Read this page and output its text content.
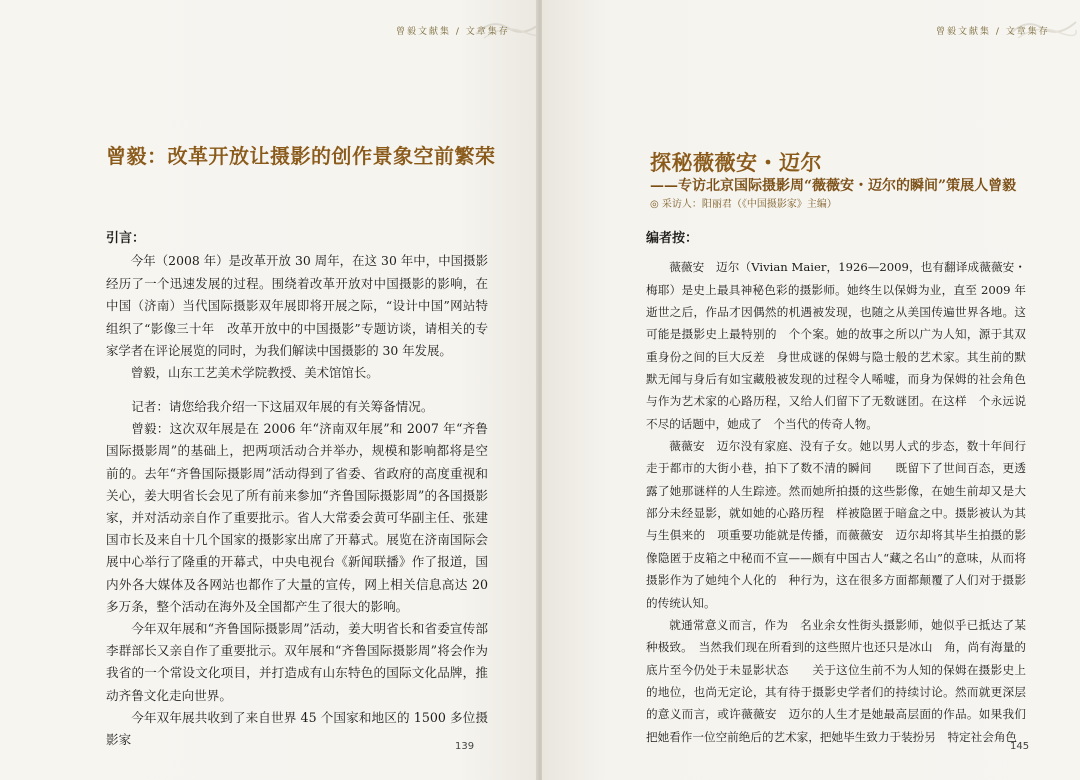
曾毅文献集 / 文章集存
曾毅：改革开放让摄影的创作景象空前繁荣

引言：

今年（2008 年）是改革开放 30 周年，在这 30 年中，中国摄影经历了一个迅速发展的过程。围绕着改革开放对中国摄影的影响，在中国（济南）当代国际摄影双年展即将开展之际，“设计中国”网站特组织了“影像三十年　改革开放中的中国摄影”专题访谈，请相关的专家学者在评论展览的同时，为我们解读中国摄影的 30 年发展。

曾毅，山东工艺美术学院教授、美术馆馆长。

记者：请您给我介绍一下这届双年展的有关筹备情况。

曾毅：这次双年展是在 2006 年“济南双年展”和 2007 年“齐鲁国际摄影周”的基础上，把两项活动合并举办，规模和影响都将是空前的。去年“齐鲁国际摄影周”活动得到了省委、省政府的高度重视和关心，姜大明省长会见了所有前来参加“齐鲁国际摄影周”的各国摄影家，并对活动亲自作了重要批示。省人大常委会黄可华副主任、张建国市长及来自十几个国家的摄影家出席了开幕式。展览在济南国际会展中心举行了隆重的开幕式，中央电视台《新闻联播》作了报道，国内外各大媒体及各网站也都作了大量的宣传，网上相关信息高达 20 多万条，整个活动在海外及全国都产生了很大的影响。

今年双年展和“齐鲁国际摄影周”活动，姜大明省长和省委宣传部李群部长又亲自作了重要批示。双年展和“齐鲁国际摄影周”将会作为我省的一个常设文化项目，并打造成有山东特色的国际文化品牌，推动齐鲁文化走向世界。

今年双年展共收到了来自世界 45 个国家和地区的 1500 多位摄影家	139
曾毅文献集 / 文章集存
探秘薇薇安・迈尔
——专访北京国际摄影周“薇薇安・迈尔的瞬间”策展人曾毅
◎ 采访人：阳丽君（《中国摄影家》主编）

编者按：

薇薇安　迈尔（Vivian Maier，1926—2009，也有翻译成薇薇安・梅耶）是史上最具神秘色彩的摄影师。她终生以保姆为业，直至 2009 年逝世之后，作品才因偶然的机遇被发现，也随之从美国传遍世界各地。这可能是摄影史上最特别的　个个案。她的故事之所以广为人知，源于其双重身份之间的巨大反差　身世成谜的保姆与隐士般的艺术家。其生前的默默无闻与身后有如宝藏般被发现的过程令人唏嘘，而身为保姆的社会角色与作为艺术家的心路历程，又给人们留下了无数谜团。在这样　个永远说不尽的话题中，她成了　个当代的传奇人物。

薇薇安　迈尔没有家庭、没有子女。她以男人式的步态，数十年间行走于都市的大街小巷，拍下了数不清的瞬间　　既留下了世间百态，更透露了她那谜样的人生踪迹。然而她所拍摄的这些影像，在她生前却又是大部分未经显影，就如她的心路历程　样被隐匿于暗盒之中。摄影被认为其与生俱来的　项重要功能就是传播，而薇薇安　迈尔却将其毕生拍摄的影像隐匿于皮箱之中秘而不宣——颇有中国古人“藏之名山”的意味，从而将摄影作为了她纯个人化的　种行为，这在很多方面都颠覆了人们对于摄影的传统认知。

就通常意义而言，作为　名业余女性街头摄影师，她似乎已抵达了某种极致。　当然我们现在所看到的这些照片也还只是冰山　角，尚有海量的底片至今仍处于未显影状态　　关于这位生前不为人知的保姆在摄影史上的地位，也尚无定论，其有待于摄影史学者们的持续讨论。然而就更深层的意义而言，或许薇薇安　迈尔的人生才是她最高层面的作品。如果我们把她看作一位空前绝后的艺术家，把她毕生致力于装扮另　特定社会角色

145
